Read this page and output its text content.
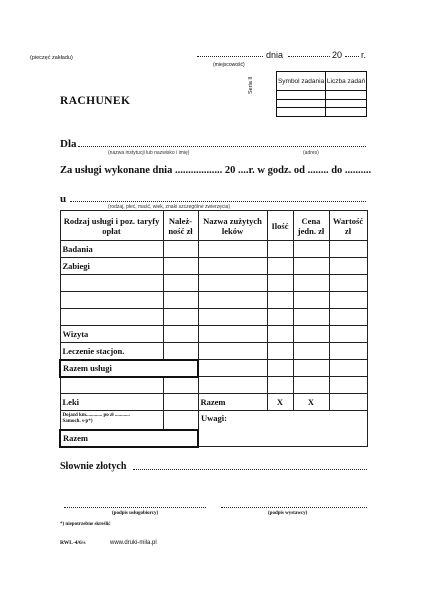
(pieczęć zakładu)	dnia	20 r.
(miejscowość)
RACHUNEK
Seria II	Symbol zadania	Liczba zadań

Dla
(nazwa instytucji lub nazwisko i imię)	(adres)
Za usługi wykonane dnia .................. 20 ....r. w godz. od ........ do ..........
u
(rodzaj, płeć, maść, wiek, znaki szczególne zwierzęcia)
Rodzaj usługi i poz. taryfy opłat	Należ-ność zł	Nazwa zużytych leków	Ilość	Cena jedn. zł	Wartość zł
Badania					
Zabiegi					

Wizyta					
Leczenie stacjon.					
Razem usługi					

Leki		Razem	X	X	

Dojazd km............. po zł ............
Samoch. s-p*)		Uwagi:			
Razem					
Słownie złotych
(podpis usługobiorcy)	(podpis wystawcy)
*) niepotrzebne skreślić
RWL-4/6/s	www.druki-mila.pl
